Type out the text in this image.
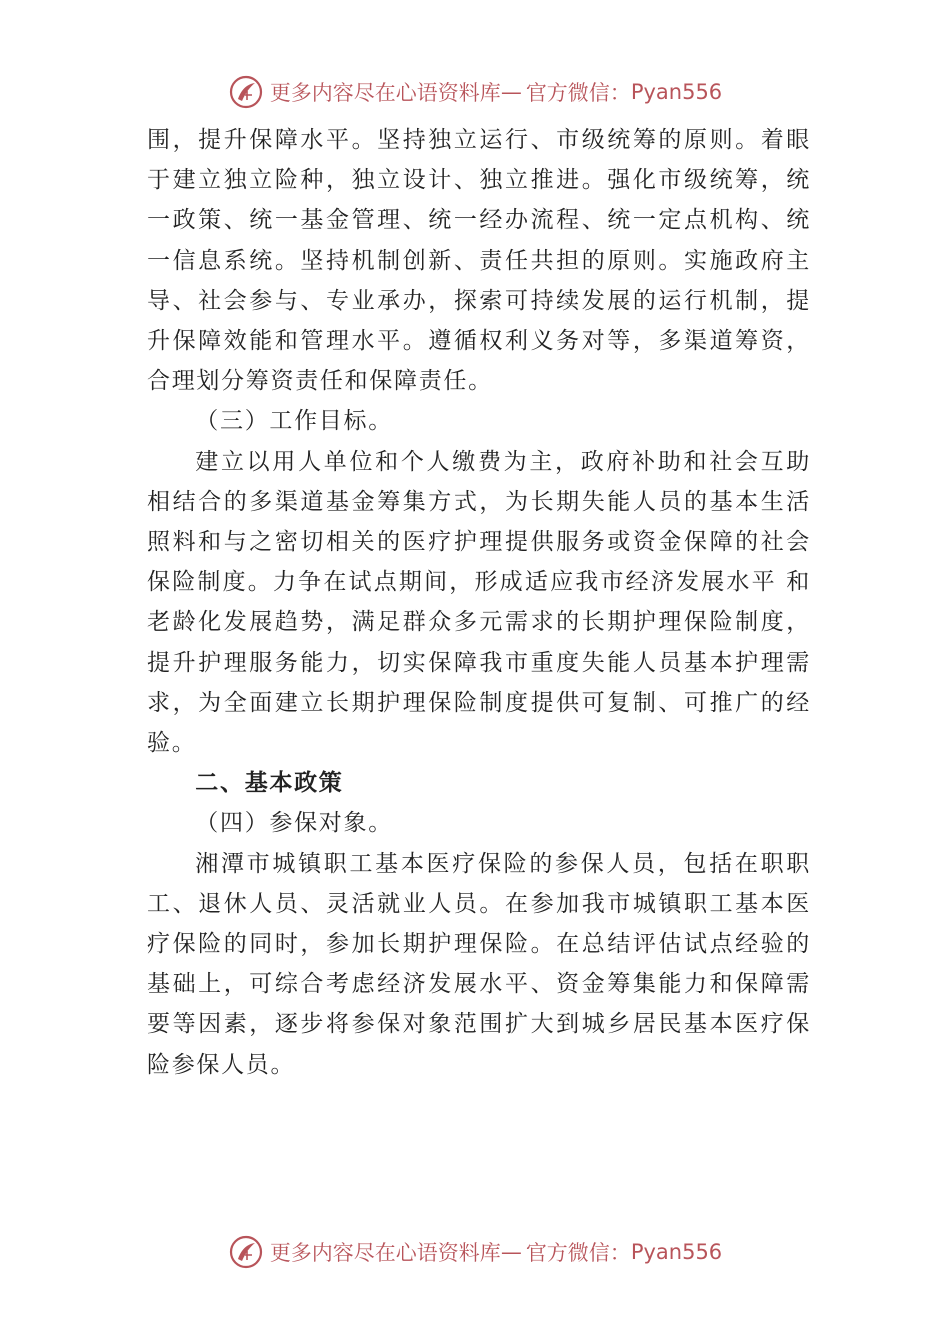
更多内容尽在心语资料库 — 官方微信： Pyan556

围，提升保障水平。坚持独立运行、市级统筹的原则。着眼于建立独立险种，独立设计、独立推进。强化市级统筹，统一政策、统一基金管理、统一经办流程、统一定点机构、统一信息系统。坚持机制创新、责任共担的原则。实施政府主导、社会参与、专业承办，探索可持续发展的运行机制，提升保障效能和管理水平。遵循权利义务对等，多渠道筹资， 合理划分筹资责任和保障责任。

（三）工作目标。

建立以用人单位和个人缴费为主，政府补助和社会互助相结合的多渠道基金筹集方式，为长期失能人员的基本生活照料和与之密切相关的医疗护理提供服务或资金保障的社会保险制度。力争在试点期间，形成适应我市经济发展水平 和老龄化发展趋势，满足群众多元需求的长期护理保险制度， 提升护理服务能力，切实保障我市重度失能人员基本护理需 求，为全面建立长期护理保险制度提供可复制、可推广的经 验。

二、基本政策

（四）参保对象。

湘潭市城镇职工基本医疗保险的参保人员，包括在职职工、退休人员、灵活就业人员。在参加我市城镇职工基本医疗保险的同时，参加长期护理保险。在总结评估试点经验的基础上，可综合考虑经济发展水平、资金筹集能力和保障需要等因素，逐步将参保对象范围扩大到城乡居民基本医疗保险参保人员。

更多内容尽在心语资料库 — 官方微信： Pyan556
